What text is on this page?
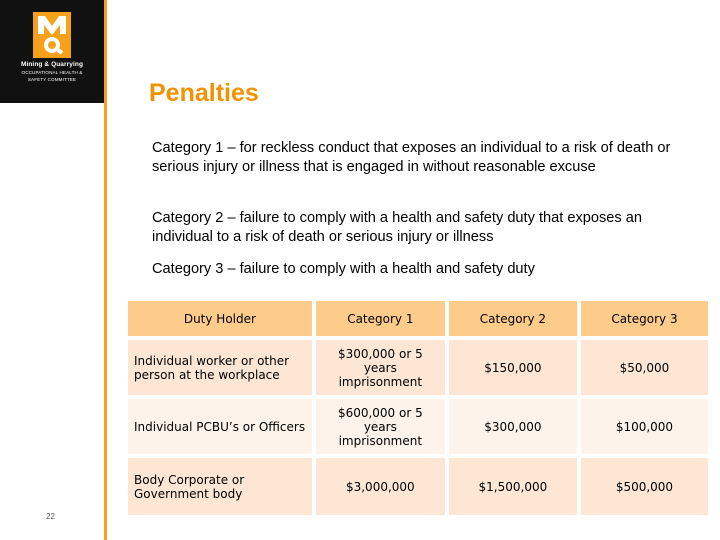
Mining & Quarrying
OCCUPATIONAL HEALTH &
SAFETY COMMITTEE
22
Penalties

Category 1 – for reckless conduct that exposes an individual to a risk of death or serious injury or illness that is engaged in without reasonable excuse

Category 2 – failure to comply with a health and safety duty that exposes an individual to a risk of death or serious injury or illness

Category 3 – failure to comply with a health and safety duty

Duty Holder	Category 1	Category 2	Category 3
Individual worker or other person at the workplace	$300,000 or 5 years imprisonment	$150,000	$50,000
Individual PCBU’s or Officers	$600,000 or 5 years imprisonment	$300,000	$100,000
Body Corporate or Government body	$3,000,000	$1,500,000	$500,000
